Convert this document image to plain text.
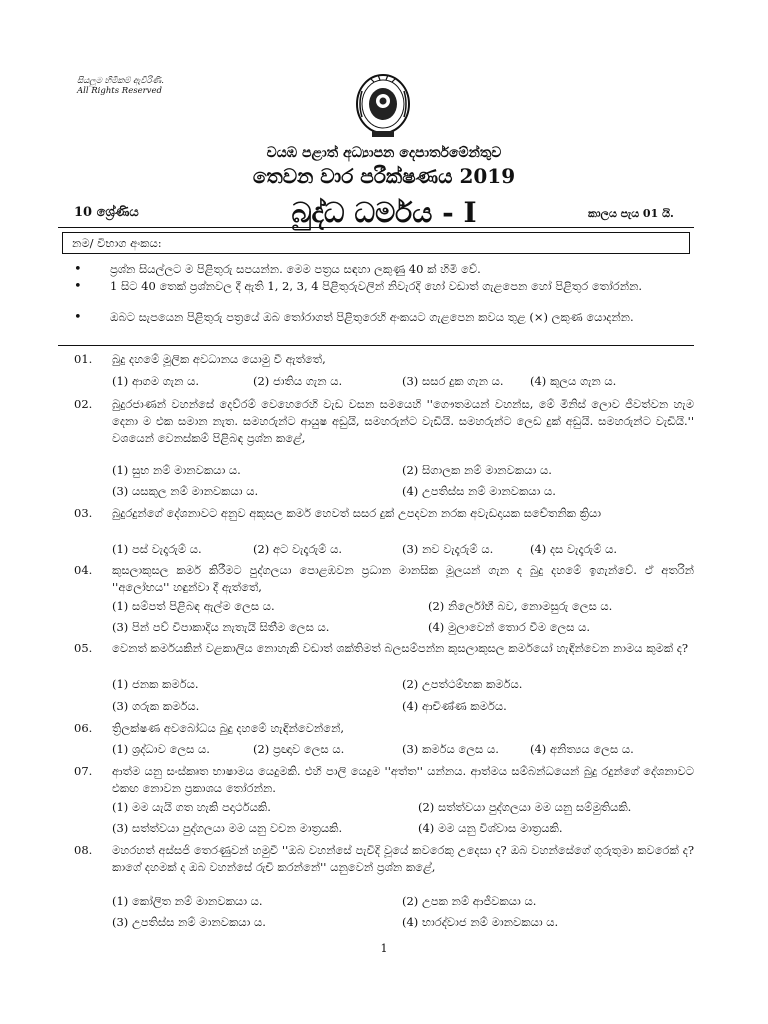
සියලුම හිමිකම් ඇවිරිණි.
All Rights Reserved
වයඹ පළාත් අධ්‍යාපන දෙපාර්තමේන්තුව
තෙවන වාර පරීක්ෂණය 2019
10 ශ්‍රේණිය	බුද්ධ ධර්මය - I	කාලය පැය 01 යි.
නම/ විභාග අංකය:
• ප්‍රශ්න සියල්ලට ම පිළිතුරු සපයන්න. මෙම පත්‍රය සඳහා ලකුණු 40 ක් හිමි වේ.
• 1 සිට 40 තෙක් ප්‍රශ්නවල දී ඇති 1, 2, 3, 4 පිළිතුරුවලින් නිවැරදි හෝ වඩාත් ගැළපෙන හෝ පිළිතුර තෝරන්න.
• ඔබට සැපයෙන පිළිතුරු පත්‍රයේ ඔබ තෝරාගත් පිළිතුරෙහි අංකයට ගැළපෙන කවය තුළ (×) ලකුණ යොදන්න.
01. බුදු දහමේ මූලික අවධානය යොමු වී ඇත්තේ,
(1) ආගම ගැන ය.	(2) ජාතිය ගැන ය.	(3) සසර දුක ගැන ය. (4) කුලය ගැන ය.
02. බුදුරජාණන් වහන්සේ දෙව්රම් වෙහෙරෙහි වැඩ වසන සමයෙහි ''ගෞතමයන් වහන්ස, මේ මිනිස් ලොව ජීවත්වන හැම දෙනා ම එක සමාන නැත. සමහරුන්ට ආයුෂ අඩුයි, සමහරුන්ට වැඩියි. සමහරුන්ට ලෙඩ දුක් අඩුයි. සමහරුන්ට වැඩියි.'' වශයෙන් වෙනස්කම් පිළිබඳ ප්‍රශ්න කළේ,
(1) සුභ නම් මානවකයා ය.	(2) සිගාලක නම් මානවකයා ය.
(3) යසකුල නම් මානවකයා ය.	(4) උපතිස්ස නම් මානවකයා ය.
03. බුදුරදුන්ගේ දේශනාවට අනුව අකුසල කර්ම හෙවත් සසර දුක් උපදවන නරක අවැඩදායක සචේතනික ක්‍රියා
(1) පස් වැදෑරුම් ය.	(2) අට වැදෑරුම් ය.	(3) නව වැදෑරුම් ය.	(4) දස වැදෑරුම් ය.
04. කුසලාකුසල කර්ම කිරීමට පුද්ගලයා පොළඹවන ප්‍රධාන මානසික මූලයන් ගැන ද බුදු දහමේ ඉගැන්වේ. ඒ අතරින් ''අලෝභය'' හඳුන්වා දී ඇත්තේ,
(1) සම්පත් පිළිබඳ ඇල්ම ලෙස ය.	(2) නිර්ලෝභී බව, නොමසුරු ලෙස ය.
(3) පින් පව් විපාකාදිය නැතැයි සිතීම ලෙස ය.	(4) මුලාවෙන් තොර වීම ලෙස ය.
05. වෙනත් කර්මයකින් වළකාලිය නොහැකි වඩාත් ශක්තිමත් බලසම්පන්න කුසලාකුසල කර්මයෝ හැඳින්වෙන නාමය කුමක් ද?
(1) ජනක කර්මය.	(2) උපත්ථම්භක කර්මය.
(3) ගරුක කර්මය.	(4) ආචිණ්ණ කර්මය.
06. ත්‍රිලක්ෂණ අවබෝධය බුදු දහමේ හැඳින්වෙන්නේ,
(1) ශ්‍රද්ධාව ලෙස ය.	(2) ප්‍රඥාව ලෙස ය.	(3) කර්මය ලෙස ය.	(4) අනිත්‍යය ලෙස ය.
07. ආත්ම යනු සංස්කෘත භාෂාමය යෙදුමකි. එහි පාලි යෙදුම ''අත්ත'' යන්නය. ආත්මය සම්බන්ධයෙන් බුදු රදුන්ගේ දේශනාවට එකඟ නොවන ප්‍රකාශය තෝරන්න.
(1) මම යැයි ගත හැකි පදාර්ථයකි.	(2) සත්ත්වයා පුද්ගලයා මම යනු සම්මුතියකි.
(3) සත්ත්වයා පුද්ගලයා මම යනු වචන මාත්‍රයකි.	(4) මම යනු විශ්වාස මාත්‍රයකි.
08. මහරහත් අස්සජි තෙරණුවන් හමුවී ''ඔබ වහන්සේ පැවිදි වූයේ කවරෙකු උදෙසා ද? ඔබ වහන්සේගේ ගුරුතුමා කවරෙක් ද? කාගේ දහමක් ද ඔබ වහන්සේ රුචි කරන්නේ'' යනුවෙන් ප්‍රශ්න කළේ,
(1) කෝලිත නම් මානවකයා ය.	(2) උපක නම් ආජීවකයා ය.
(3) උපතිස්ස නම් මානවකයා ය.	(4) භාරද්වාජ නම් මානවකයා ය.
1
